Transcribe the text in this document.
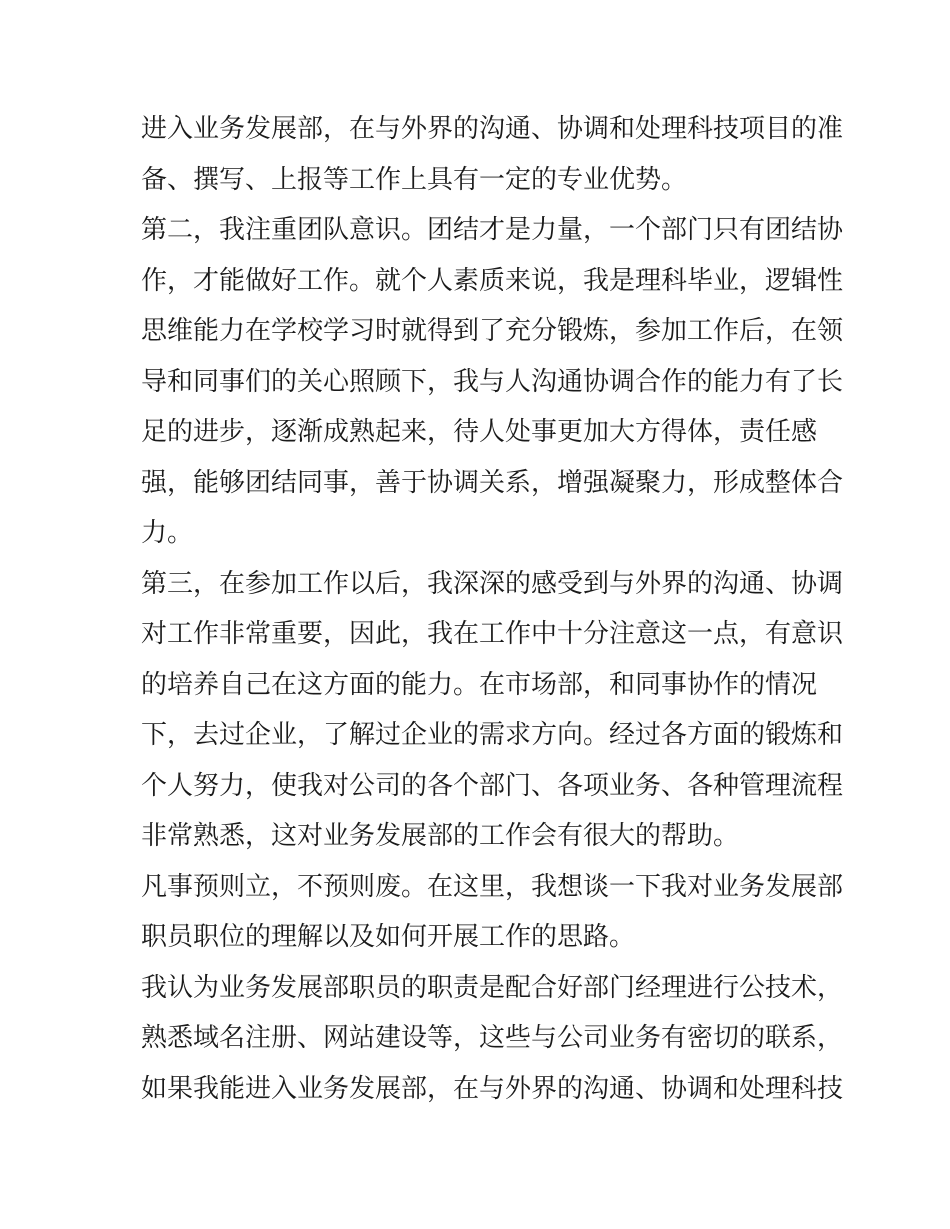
进入业务发展部，在与外界的沟通、协调和处理科技项目的准
备、撰写、上报等工作上具有一定的专业优势。
第二，我注重团队意识。团结才是力量，一个部门只有团结协
作，才能做好工作。就个人素质来说，我是理科毕业，逻辑性
思维能力在学校学习时就得到了充分锻炼，参加工作后，在领
导和同事们的关心照顾下，我与人沟通协调合作的能力有了长
足的进步，逐渐成熟起来，待人处事更加大方得体，责任感
强，能够团结同事，善于协调关系，增强凝聚力，形成整体合
力。
第三，在参加工作以后，我深深的感受到与外界的沟通、协调
对工作非常重要，因此，我在工作中十分注意这一点，有意识
的培养自己在这方面的能力。在市场部，和同事协作的情况
下，去过企业，了解过企业的需求方向。经过各方面的锻炼和
个人努力，使我对公司的各个部门、各项业务、各种管理流程
非常熟悉，这对业务发展部的工作会有很大的帮助。
凡事预则立，不预则废。在这里，我想谈一下我对业务发展部
职员职位的理解以及如何开展工作的思路。
我认为业务发展部职员的职责是配合好部门经理进行公技术，
熟悉域名注册、网站建设等，这些与公司业务有密切的联系，
如果我能进入业务发展部，在与外界的沟通、协调和处理科技
